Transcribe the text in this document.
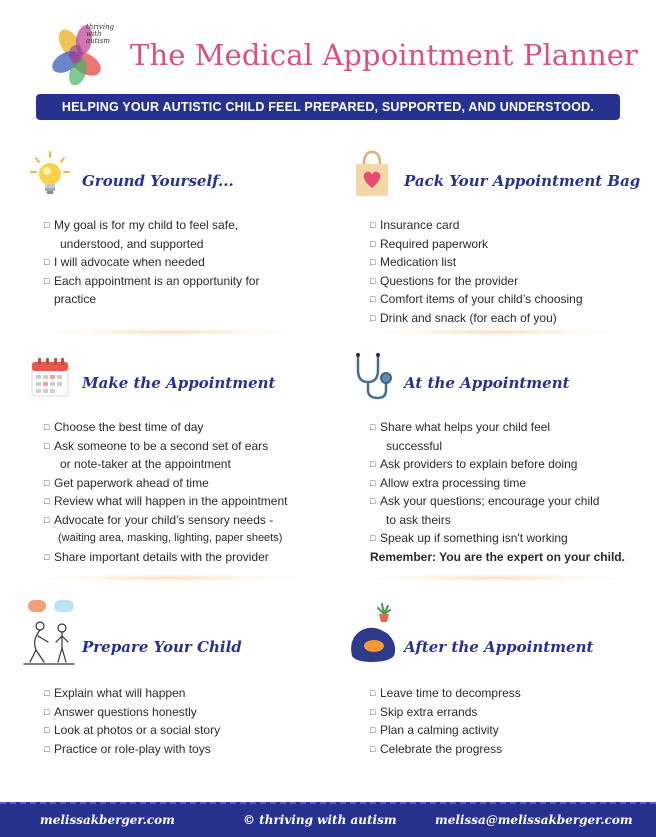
thriving with autism The Medical Appointment Planner
HELPING YOUR AUTISTIC CHILD FEEL PREPARED, SUPPORTED, AND UNDERSTOOD.
Ground Yourself...
□ My goal is for my child to feel safe,
understood, and supported
□ I will advocate when needed
□ Each appointment is an opportunity for
practice
Pack Your Appointment Bag
□ Insurance card
□ Required paperwork
□ Medication list
□ Questions for the provider
□ Comfort items of your child’s choosing
□ Drink and snack (for each of you)
Make the Appointment
□ Choose the best time of day
□ Ask someone to be a second set of ears
or note-taker at the appointment
□ Get paperwork ahead of time
□ Review what will happen in the appointment
□ Advocate for your child’s sensory needs -
(waiting area, masking, lighting, paper sheets)
□ Share important details with the provider
At the Appointment
□ Share what helps your child feel
successful
□ Ask providers to explain before doing
□ Allow extra processing time
□ Ask your questions; encourage your child
to ask theirs
□ Speak up if something isn't working
Remember: You are the expert on your child.
Prepare Your Child
□ Explain what will happen
□ Answer questions honestly
□ Look at photos or a social story
□ Practice or role-play with toys
After the Appointment
□ Leave time to decompress
□ Skip extra errands
□ Plan a calming activity
□ Celebrate the progress
melissakberger.com	© thriving with autism	melissa@melissakberger.com
